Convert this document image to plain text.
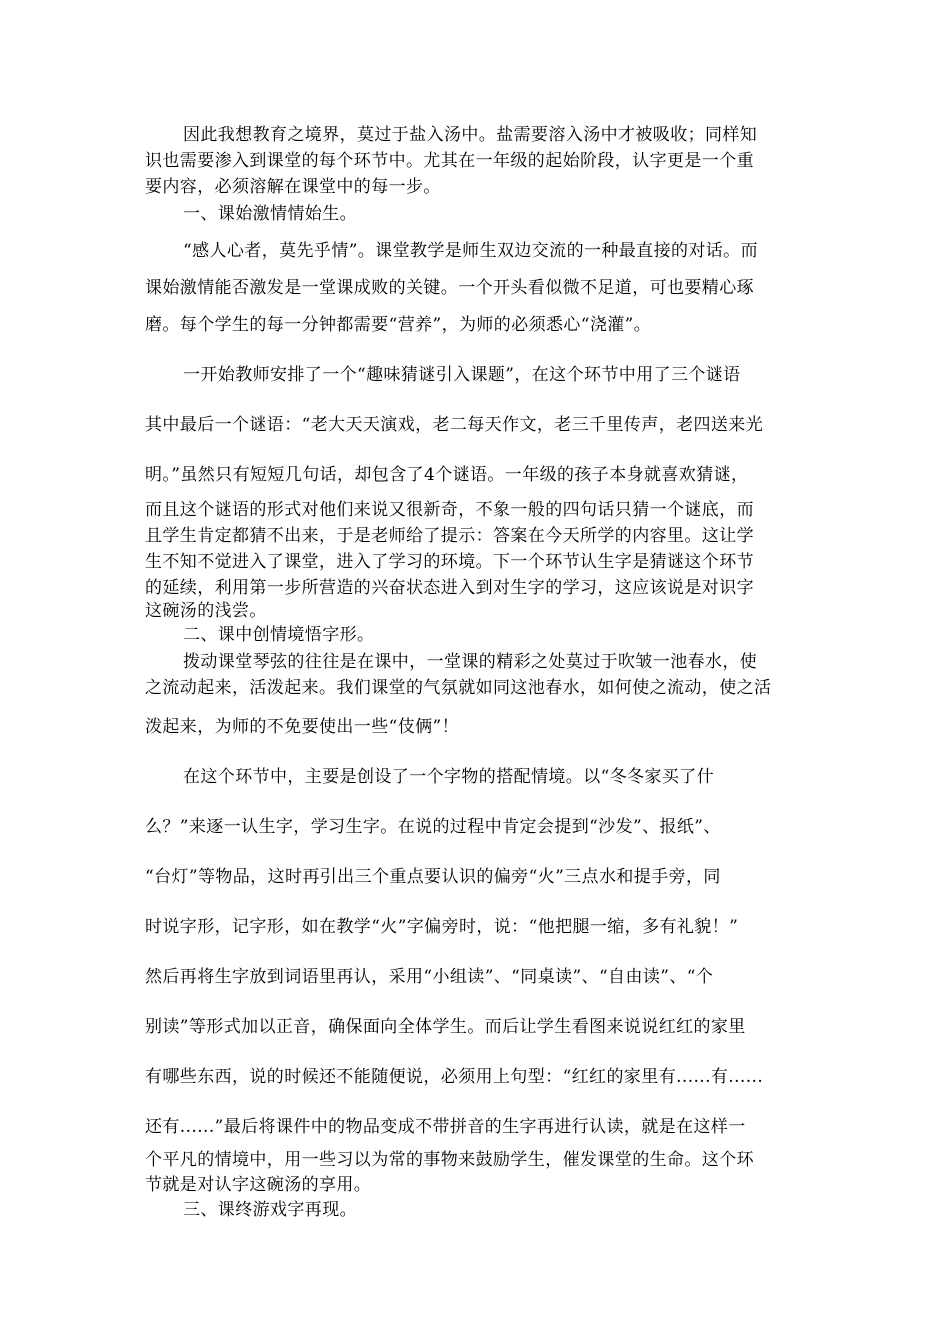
因此我想教育之境界，莫过于盐入汤中。盐需要溶入汤中才被吸收；同样知
识也需要渗入到课堂的每个环节中。尤其在一年级的起始阶段，认字更是一个重
要内容，必须溶解在课堂中的每一步。
一、课始激情情始生。
“感人心者，莫先乎情”。课堂教学是师生双边交流的一种最直接的对话。而
课始激情能否激发是一堂课成败的关键。一个开头看似微不足道，可也要精心琢
磨。每个学生的每一分钟都需要“营养”，为师的必须悉心“浇灌”。
一开始教师安排了一个“趣味猜谜引入课题”，在这个环节中用了三个谜语
其中最后一个谜语：“老大天天演戏，老二每天作文，老三千里传声，老四送来光
明。”虽然只有短短几句话，却包含了4个谜语。一年级的孩子本身就喜欢猜谜，
而且这个谜语的形式对他们来说又很新奇，不象一般的四句话只猜一个谜底，而
且学生肯定都猜不出来，于是老师给了提示：答案在今天所学的内容里。这让学
生不知不觉进入了课堂，进入了学习的环境。下一个环节认生字是猜谜这个环节
的延续，利用第一步所营造的兴奋状态进入到对生字的学习，这应该说是对识字
这碗汤的浅尝。
二、课中创情境悟字形。
拨动课堂琴弦的往往是在课中，一堂课的精彩之处莫过于吹皱一池春水，使
之流动起来，活泼起来。我们课堂的气氛就如同这池春水，如何使之流动，使之活
泼起来，为师的不免要使出一些“伎俩”！
在这个环节中，主要是创设了一个字物的搭配情境。以“冬冬家买了什
么？”来逐一认生字，学习生字。在说的过程中肯定会提到“沙发”、报纸”、
“台灯”等物品，这时再引出三个重点要认识的偏旁“火”三点水和提手旁，同
时说字形，记字形，如在教学“火”字偏旁时，说：“他把腿一缩，多有礼貌！”
然后再将生字放到词语里再认，采用“小组读”、“同桌读”、“自由读”、“个
别读”等形式加以正音，确保面向全体学生。而后让学生看图来说说红红的家里
有哪些东西，说的时候还不能随便说，必须用上句型：“红红的家里有......有......
还有......”最后将课件中的物品变成不带拼音的生字再进行认读，就是在这样一
个平凡的情境中，用一些习以为常的事物来鼓励学生，催发课堂的生命。这个环
节就是对认字这碗汤的享用。
三、课终游戏字再现。
